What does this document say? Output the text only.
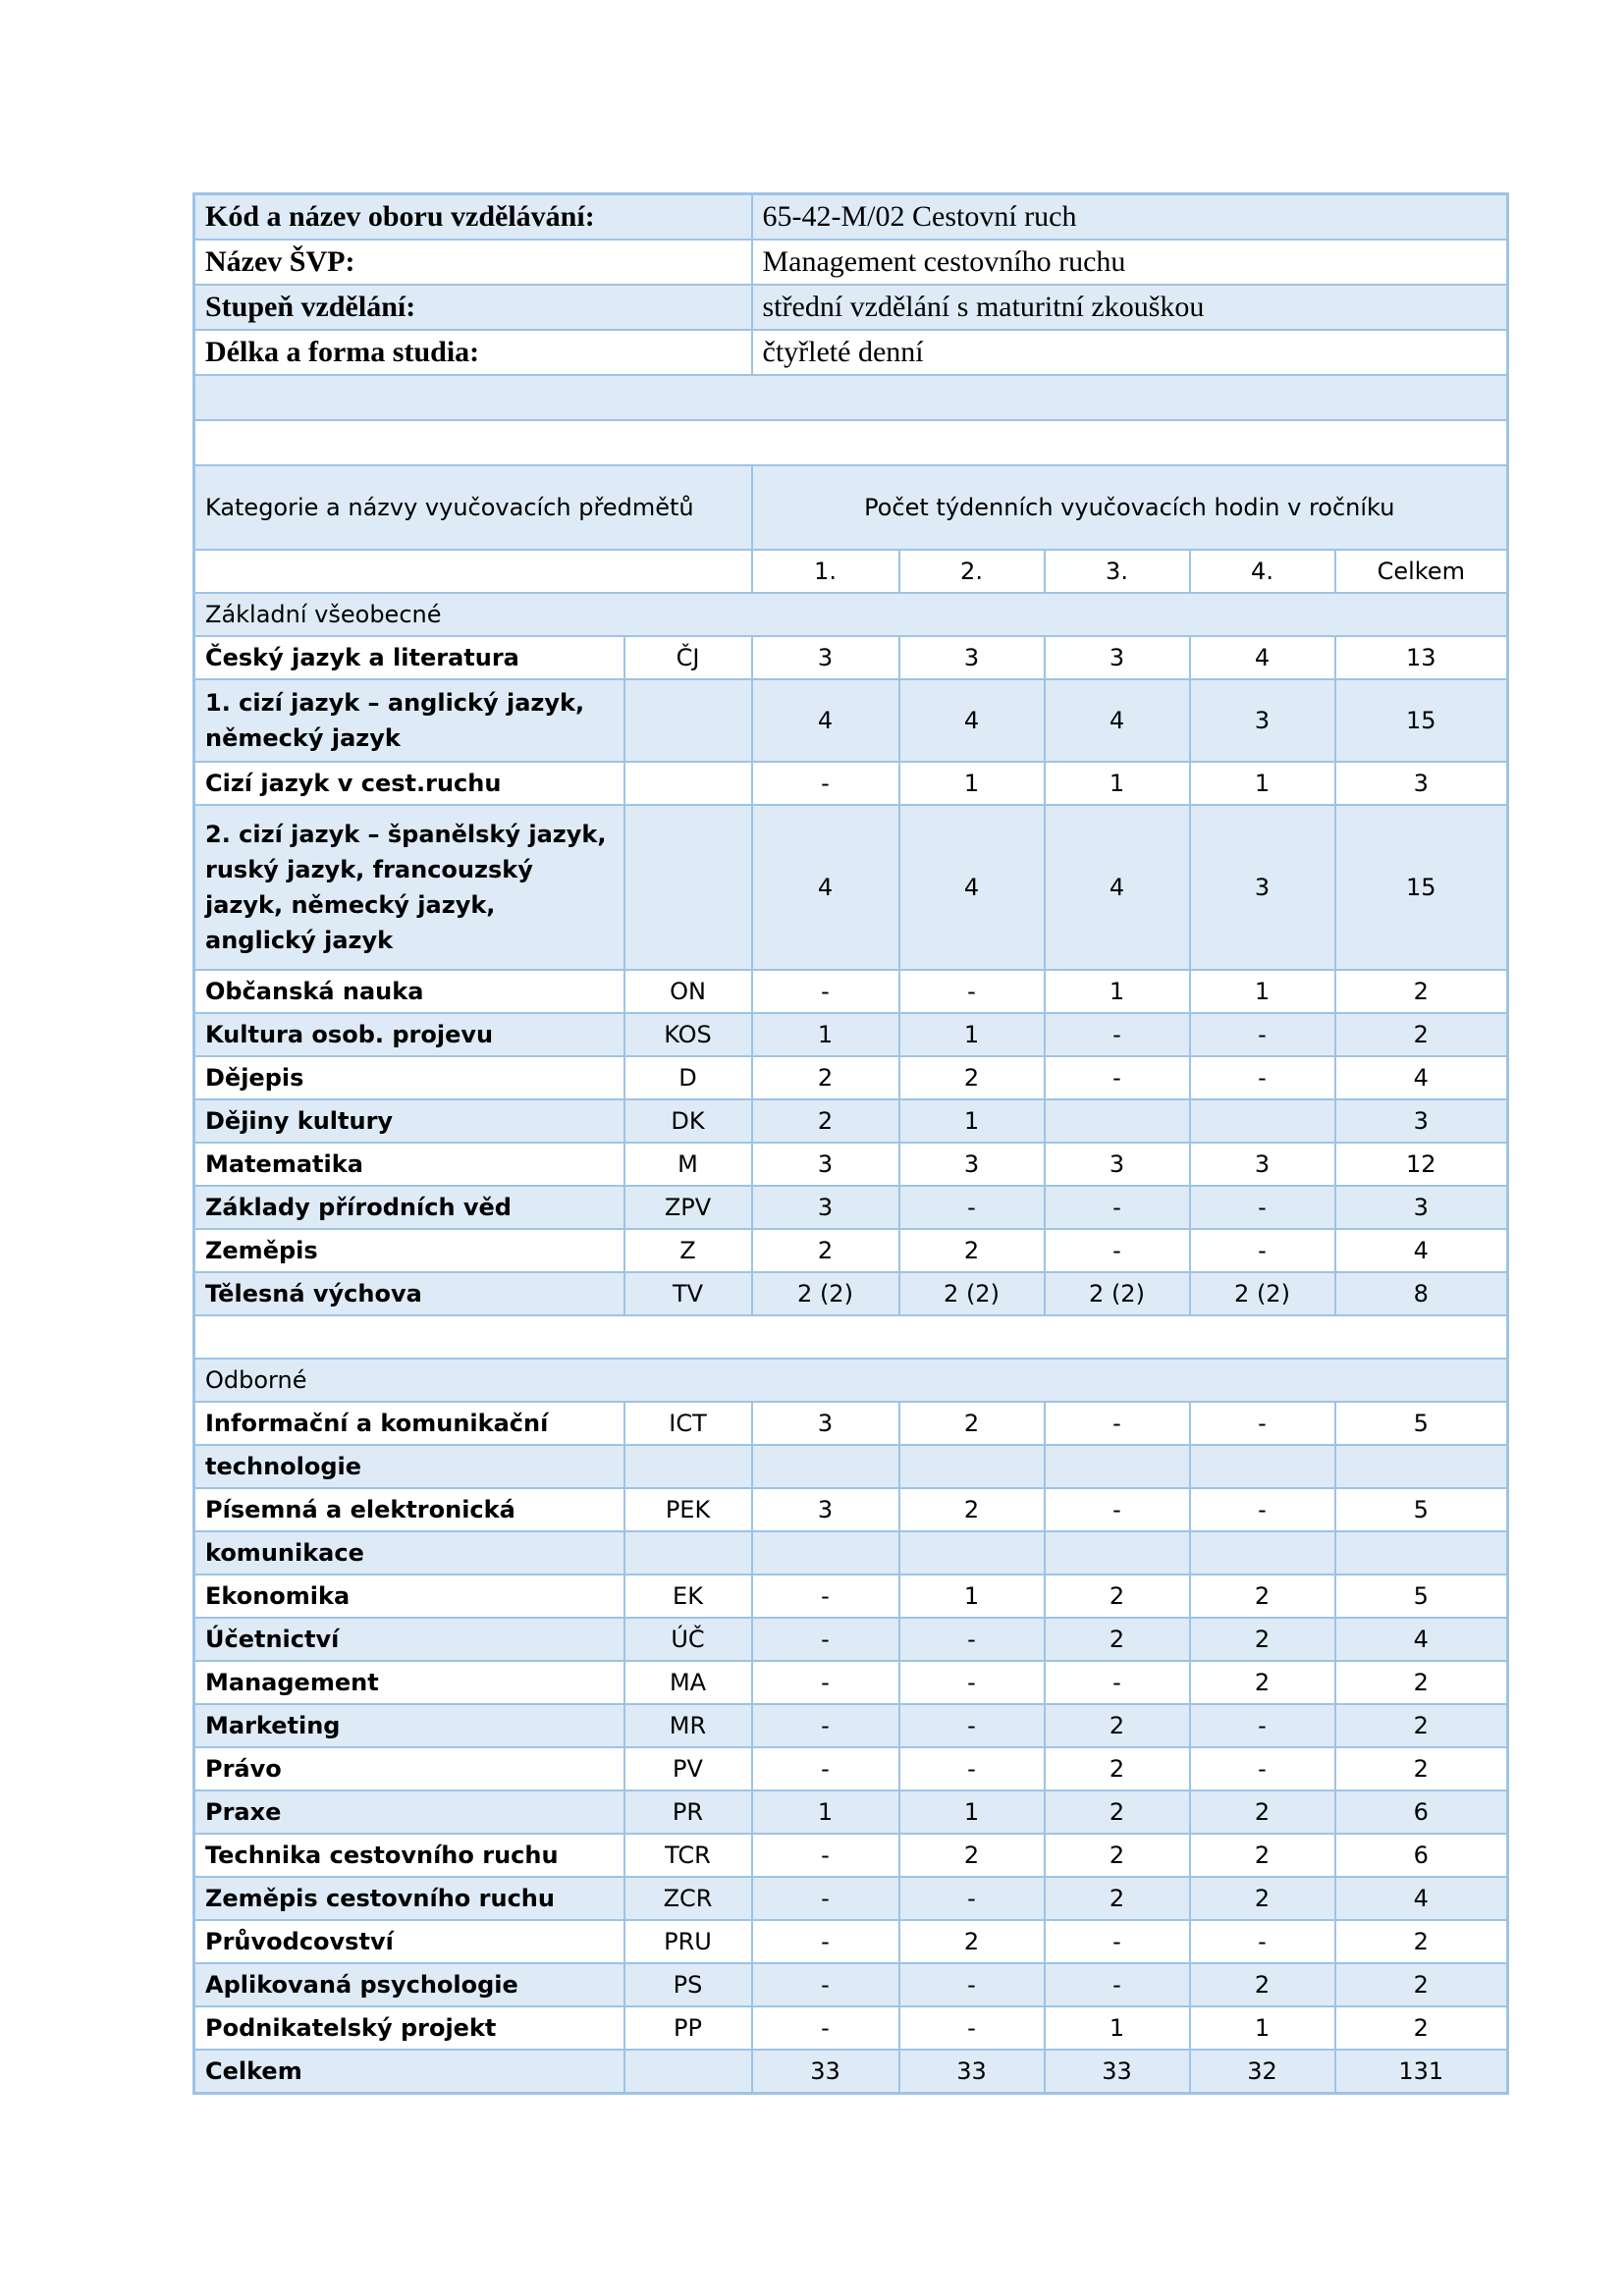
Kód a název oboru vzdělávání:		65-42-M/02 Cestovní ruch				
Název ŠVP:		Management cestovního ruchu				
Stupeň vzdělání:		střední vzdělání s maturitní zkouškou				
Délka a forma studia:		čtyřleté denní				

Kategorie a názvy vyučovacích předmětů		Počet týdenních vyučovacích hodin v ročníku				
		1.	2.	3.	4.	Celkem
Základní všeobecné						
Český jazyk a literatura	ČJ	3	3	3	4	13
1. cizí jazyk – anglický jazyk, německý jazyk		4	4	4	3	15
Cizí jazyk v cest.ruchu		-	1	1	1	3
2. cizí jazyk – španělský jazyk, ruský jazyk, francouzský jazyk, německý jazyk, anglický jazyk		4	4	4	3	15
Občanská nauka	ON	-	-	1	1	2
Kultura osob. projevu	KOS	1	1	-	-	2
Dějepis	D	2	2	-	-	4
Dějiny kultury	DK	2	1			3
Matematika	M	3	3	3	3	12
Základy přírodních věd	ZPV	3	-	-	-	3
Zeměpis	Z	2	2	-	-	4
Tělesná výchova	TV	2 (2)	2 (2)	2 (2)	2 (2)	8

Odborné						
Informační a komunikační	ICT	3	2	-	-	5
technologie						
Písemná a elektronická	PEK	3	2	-	-	5
komunikace						
Ekonomika	EK	-	1	2	2	5
Účetnictví	ÚČ	-	-	2	2	4
Management	MA	-	-	-	2	2
Marketing	MR	-	-	2	-	2
Právo	PV	-	-	2	-	2
Praxe	PR	1	1	2	2	6
Technika cestovního ruchu	TCR	-	2	2	2	6
Zeměpis cestovního ruchu	ZCR	-	-	2	2	4
Průvodcovství	PRU	-	2	-	-	2
Aplikovaná psychologie	PS	-	-	-	2	2
Podnikatelský projekt	PP	-	-	1	1	2
Celkem		33	33	33	32	131
